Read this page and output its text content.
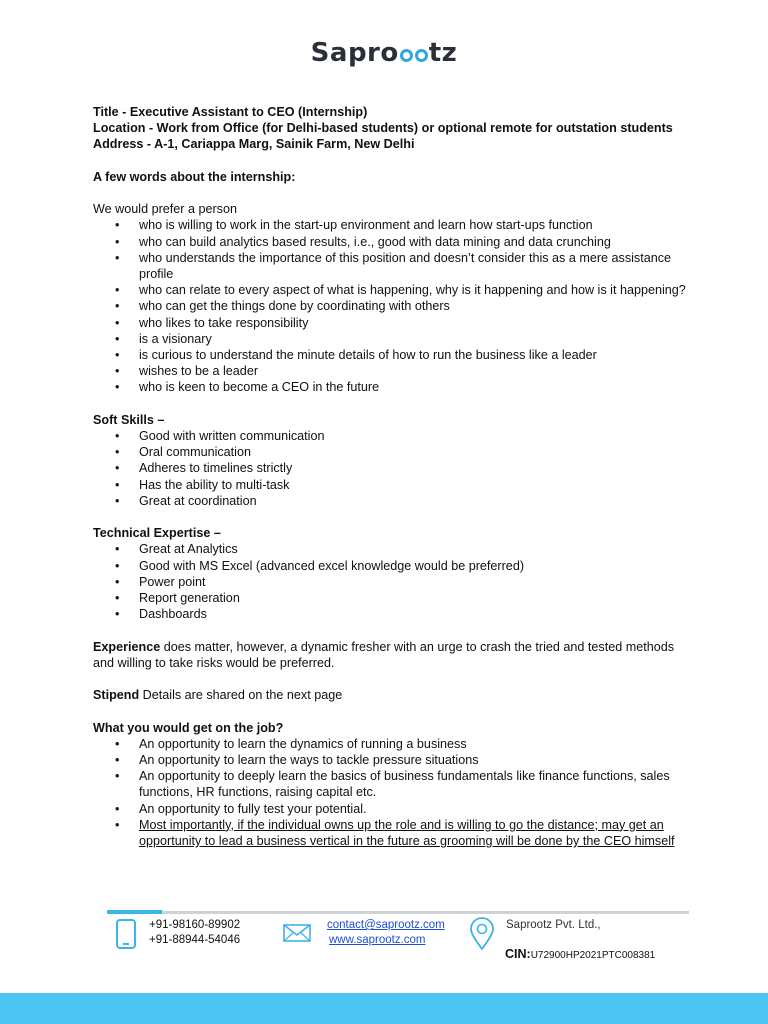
Sapro tz
Title - Executive Assistant to CEO (Internship)
Location - Work from Office (for Delhi-based students) or optional remote for outstation students
Address - A-1, Cariappa Marg, Sainik Farm, New Delhi
A few words about the internship:
We would prefer a person
• who is willing to work in the start-up environment and learn how start-ups function
• who can build analytics based results, i.e., good with data mining and data crunching
• who understands the importance of this position and doesn’t consider this as a mere assistance profile
• who can relate to every aspect of what is happening, why is it happening and how is it happening?
• who can get the things done by coordinating with others
• who likes to take responsibility
• is a visionary
• is curious to understand the minute details of how to run the business like a leader
• wishes to be a leader
• who is keen to become a CEO in the future
Soft Skills –
• Good with written communication
• Oral communication
• Adheres to timelines strictly
• Has the ability to multi-task
• Great at coordination
Technical Expertise –
• Great at Analytics
• Good with MS Excel (advanced excel knowledge would be preferred)
• Power point
• Report generation
• Dashboards
Experience does matter, however, a dynamic fresher with an urge to crash the tried and tested methods and willing to take risks would be preferred.
Stipend Details are shared on the next page
What you would get on the job?
• An opportunity to learn the dynamics of running a business
• An opportunity to learn the ways to tackle pressure situations
• An opportunity to deeply learn the basics of business fundamentals like finance functions, sales functions, HR functions, raising capital etc.
• An opportunity to fully test your potential.
• Most importantly, if the individual owns up the role and is willing to go the distance; may get an opportunity to lead a business vertical in the future as grooming will be done by the CEO himself
+91-98160-89902
+91-88944-54046
contact@saprootz.com
www.saprootz.com
Saprootz Pvt. Ltd.,
CIN:U72900HP2021PTC008381
